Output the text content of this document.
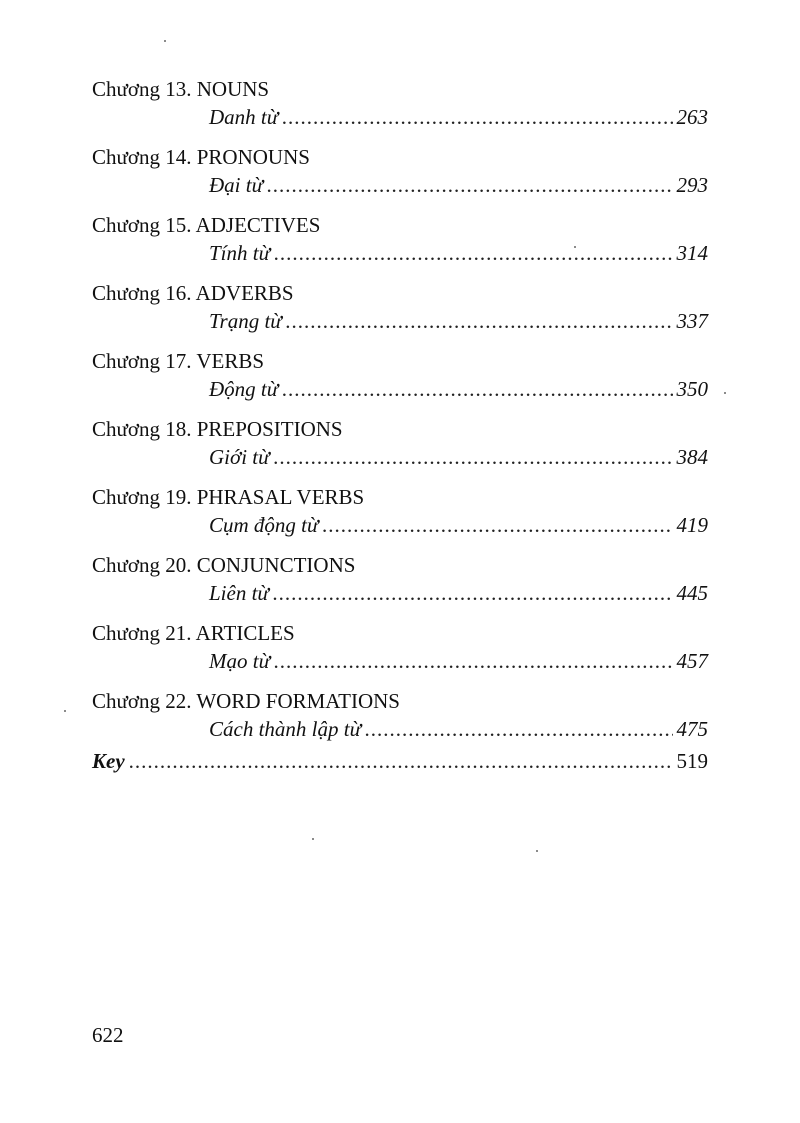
Chương 13. NOUNS
Danh từ .....	263
Chương 14. PRONOUNS
Đại từ .....	293
Chương 15. ADJECTIVES
Tính từ .....	314
Chương 16. ADVERBS
Trạng từ .....	337
Chương 17. VERBS
Động từ .....	350
Chương 18. PREPOSITIONS
Giới từ .....	384
Chương 19. PHRASAL VERBS
Cụm động từ .....	419
Chương 20. CONJUNCTIONS
Liên từ .....	445
Chương 21. ARTICLES
Mạo từ .....	457
Chương 22. WORD FORMATIONS
Cách thành lập từ .....	475
Key .....	519
622
